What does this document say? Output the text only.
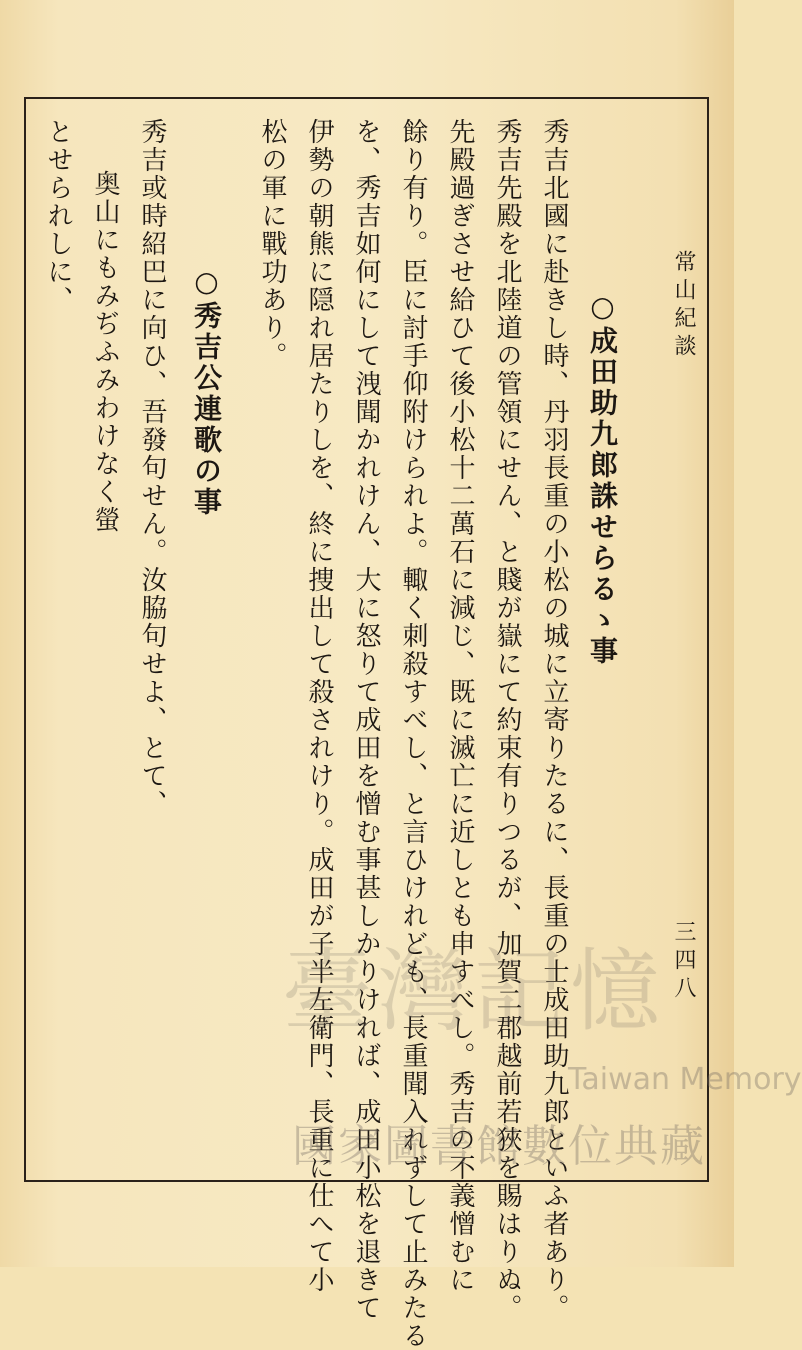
常山紀談
三四八
○成田助九郎誅せらるゝ事
秀吉北國に赴きし時、丹羽長重の小松の城に立寄りたるに、長重の士成田助九郎といふ者あり。
秀吉先殿を北陸道の管領にせん、と賤が嶽にて約束有りつるが、加賀二郡越前若狹を賜はりぬ。
先殿過ぎさせ給ひて後小松十二萬石に減じ、既に滅亡に近しとも申すべし。秀吉の不義憎むに
餘り有り。臣に討手仰附けられよ。輙く刺殺すべし、と言ひけれども、長重聞入れずして止みたる
を、秀吉如何にして洩聞かれけん、大に怒りて成田を憎む事甚しかりければ、成田小松を退きて
伊勢の朝熊に隠れ居たりしを、終に捜出して殺されけり。成田が子半左衛門、長重に仕へて小
松の軍に戰功あり。
○秀吉公連歌の事
秀吉或時紹巴に向ひ、吾發句せん。汝脇句せよ、とて、
奥山にもみぢふみわけなく螢
とせられしに、
臺灣記憶
Taiwan Memory
國家圖書館數位典藏
